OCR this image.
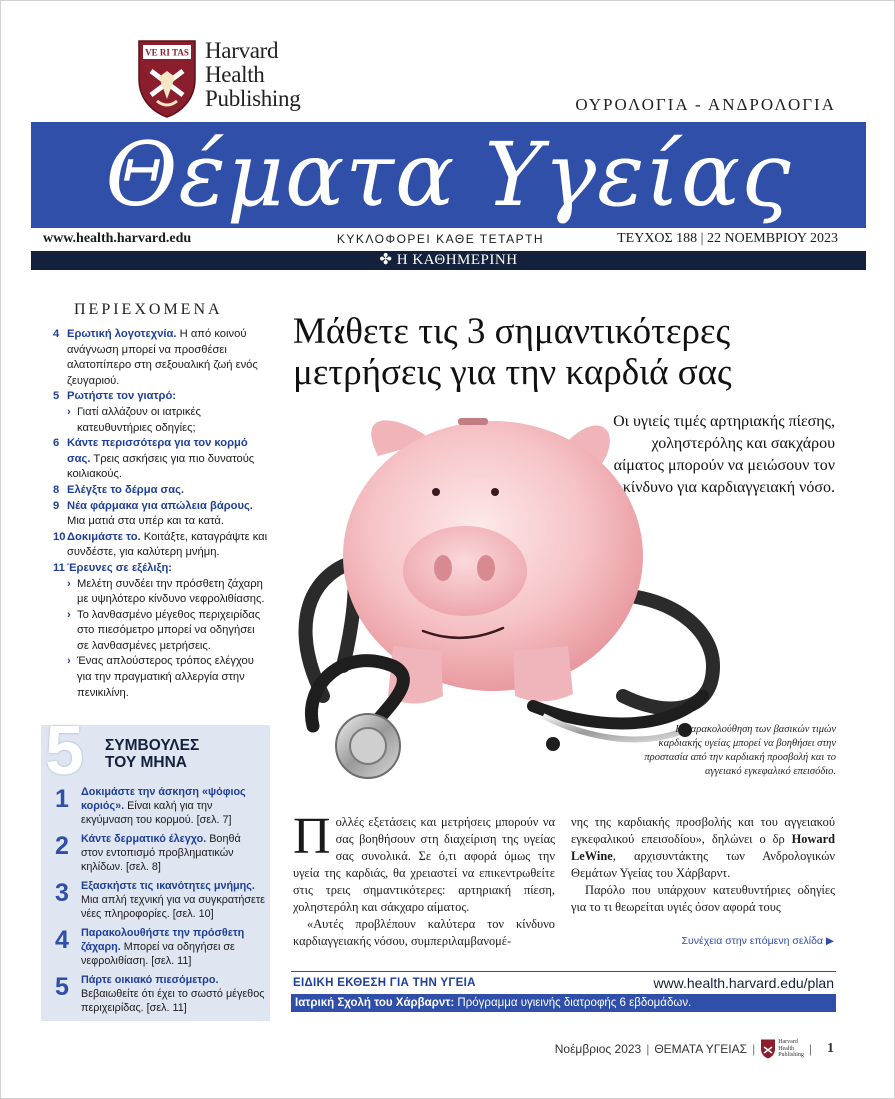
VE RI TAS Harvard
Health
Publishing	ΟΥΡΟΛΟΓΙΑ - ΑΝΔΡΟΛΟΓΙΑ
Θέματα Υγείας
www.health.harvard.edu	ΚΥΚΛΟΦΟΡΕΙ ΚΑΘΕ ΤΕΤΑΡΤΗ	ΤΕΥΧΟΣ 188 | 22 ΝΟΕΜΒΡΙΟΥ 2023
✤ Η ΚΑΘΗΜΕΡΙΝΗ
ΠΕΡΙΕΧΟΜΕΝΑ
4 Ερωτική λογοτεχνία. Η από κοινού ανάγνωση μπορεί να προσθέσει αλατοπίπερο στη σεξουαλική ζωή ενός ζευγαριού.
5 Ρωτήστε τον γιατρό:
› Γιατί αλλάζουν οι ιατρικές κατευθυντήριες οδηγίες;
6 Κάντε περισσότερα για τον κορμό σας. Τρεις ασκήσεις για πιο δυνατούς κοιλιακούς.
8 Ελέγξτε το δέρμα σας.
9 Νέα φάρμακα για απώλεια βάρους. Μια ματιά στα υπέρ και τα κατά.
10 Δοκιμάστε το. Κοιτάξτε, καταγράψτε και συνδέστε, για καλύτερη μνήμη.
11 Έρευνες σε εξέλιξη:
› Μελέτη συνδέει την πρόσθετη ζάχαρη με υψηλότερο κίνδυνο νεφρολιθίασης.
› Το λανθασμένο μέγεθος περιχειρίδας στο πιεσόμετρο μπορεί να οδηγήσει σε λανθασμένες μετρήσεις.
› Ένας απλούστερος τρόπος ελέγχου για την πραγματική αλλεργία στην πενικιλίνη.
5 ΣΥΜΒΟΥΛΕΣ
ΤΟΥ ΜΗΝΑ
1	Δοκιμάστε την άσκηση «ψόφιος κοριός». Είναι καλή για την εκγύμναση του κορμού. [σελ. 7]
2	Κάντε δερματικό έλεγχο. Βοηθά στον εντοπισμό προβληματικών κηλίδων. [σελ. 8]
3	Εξασκήστε τις ικανότητες μνήμης. Μια απλή τεχνική για να συγκρατήσετε νέες πληροφορίες. [σελ. 10]
4	Παρακολουθήστε την πρόσθετη ζάχαρη. Μπορεί να οδηγήσει σε νεφρολιθίαση. [σελ. 11]
5	Πάρτε οικιακό πιεσόμετρο. Βεβαιωθείτε ότι έχει το σωστό μέγεθος περιχειρίδας. [σελ. 11]
Μάθετε τις 3 σημαντικότερες μετρήσεις για την καρδιά σας
Οι υγιείς τιμές αρτηριακής πίεσης, χοληστερόλης και σακχάρου αίματος μπορούν να μειώσουν τον κίνδυνο για καρδιαγγειακή νόσο.
Η παρακολούθηση των βασικών τιμών καρδιακής υγείας μπορεί να βοηθήσει στην προστασία από την καρδιακή προσβολή και το αγγειακό εγκεφαλικό επεισόδιο.

Πολλές εξετάσεις και μετρήσεις μπορούν να σας βοηθήσουν στη διαχείριση της υγείας σας συνολικά. Σε ό,τι αφορά όμως την υγεία της καρδιάς, θα χρειαστεί να επικεντρωθείτε στις τρεις σημαντικότερες: αρτηριακή πίεση, χοληστερόλη και σάκχαρο αίματος.

«Αυτές προβλέπουν καλύτερα τον κίνδυνο καρδιαγγειακής νόσου, συμπεριλαμβανομέ-

νης της καρδιακής προσβολής και του αγγειακού εγκεφαλικού επεισοδίου», δηλώνει ο δρ Howard LeWine, αρχισυντάκτης των Ανδρολογικών Θεμάτων Υγείας του Χάρβαρντ.

Παρόλο που υπάρχουν κατευθυντήριες οδηγίες για το τι θεωρείται υγιές όσον αφορά τους

Συνέχεια στην επόμενη σελίδα ▶
ΕΙΔΙΚΗ ΕΚΘΕΣΗ ΓΙΑ ΤΗΝ ΥΓΕΙΑ	www.health.harvard.edu/plan
Ιατρική Σχολή του Χάρβαρντ: Πρόγραμμα υγιεινής διατροφής 6 εβδομάδων.
Νοέμβριος 2023 | ΘΕΜΑΤΑ ΥΓΕΙΑΣ |	Harvard
Health
Publishing | 1
